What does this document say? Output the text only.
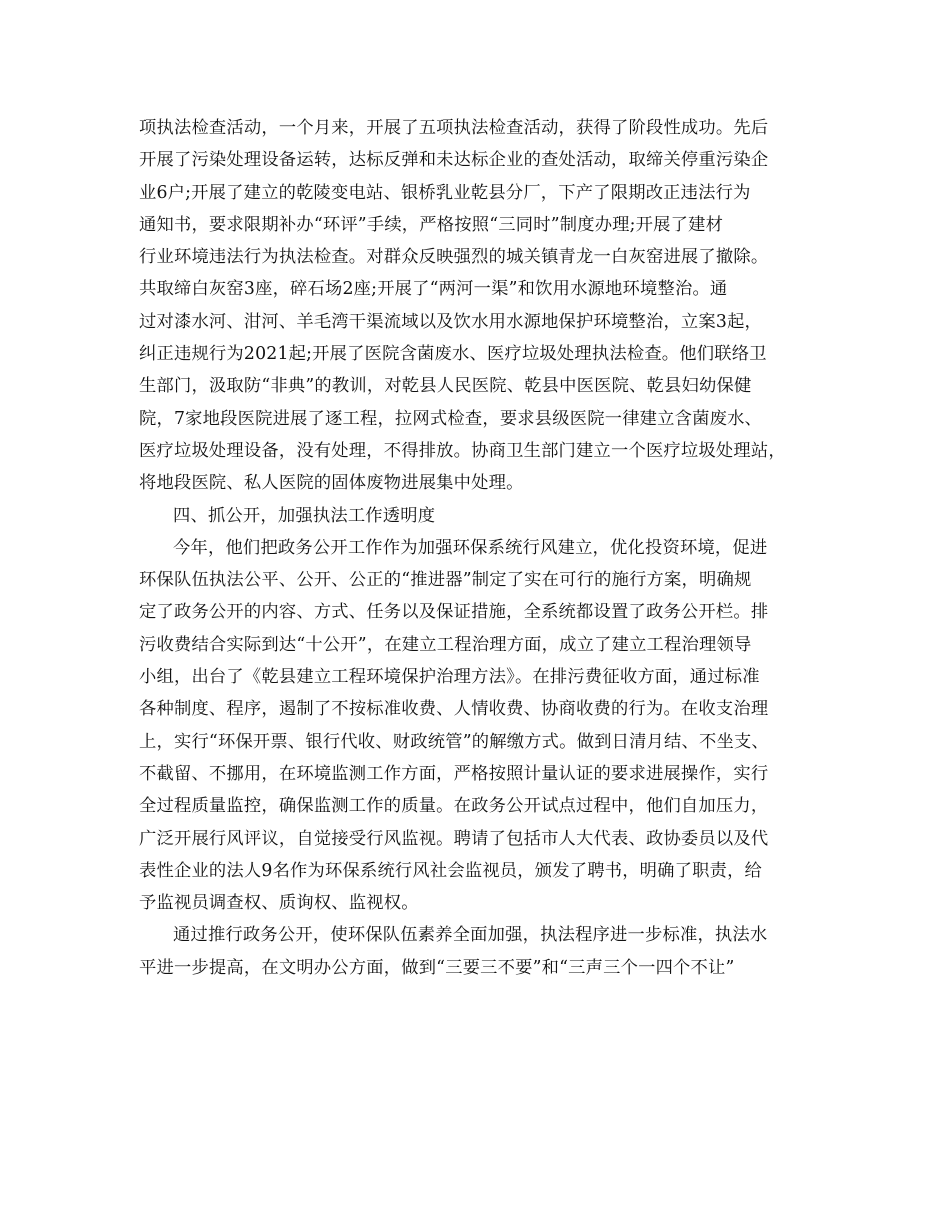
项执法检查活动，一个月来，开展了五项执法检查活动，获得了阶段性成功。先后
开展了污染处理设备运转，达标反弹和未达标企业的查处活动，取缔关停重污染企
业6户;开展了建立的乾陵变电站、银桥乳业乾县分厂，下产了限期改正违法行为
通知书，要求限期补办“环评”手续，严格按照“三同时”制度办理;开展了建材
行业环境违法行为执法检查。对群众反映强烈的城关镇青龙一白灰窑进展了撤除。
共取缔白灰窑3座，碎石场2座;开展了“两河一渠”和饮用水源地环境整治。通
过对漆水河、泔河、羊毛湾干渠流域以及饮水用水源地保护环境整治，立案3起，
纠正违规行为2021起;开展了医院含菌废水、医疗垃圾处理执法检查。他们联络卫
生部门，汲取防“非典”的教训，对乾县人民医院、乾县中医医院、乾县妇幼保健
院，7家地段医院进展了逐工程，拉网式检查，要求县级医院一律建立含菌废水、
医疗垃圾处理设备，没有处理，不得排放。协商卫生部门建立一个医疗垃圾处理站，
将地段医院、私人医院的固体废物进展集中处理。
四、抓公开，加强执法工作透明度
今年，他们把政务公开工作作为加强环保系统行风建立，优化投资环境，促进
环保队伍执法公平、公开、公正的“推进器”制定了实在可行的施行方案，明确规
定了政务公开的内容、方式、任务以及保证措施，全系统都设置了政务公开栏。排
污收费结合实际到达“十公开”，在建立工程治理方面，成立了建立工程治理领导
小组，出台了《乾县建立工程环境保护治理方法》。在排污费征收方面，通过标准
各种制度、程序，遏制了不按标准收费、人情收费、协商收费的行为。在收支治理
上，实行“环保开票、银行代收、财政统管”的解缴方式。做到日清月结、不坐支、
不截留、不挪用，在环境监测工作方面，严格按照计量认证的要求进展操作，实行
全过程质量监控，确保监测工作的质量。在政务公开试点过程中，他们自加压力，
广泛开展行风评议，自觉接受行风监视。聘请了包括市人大代表、政协委员以及代
表性企业的法人9名作为环保系统行风社会监视员，颁发了聘书，明确了职责，给
予监视员调查权、质询权、监视权。
通过推行政务公开，使环保队伍素养全面加强，执法程序进一步标准，执法水
平进一步提高，在文明办公方面，做到“三要三不要”和“三声三个一四个不让”
